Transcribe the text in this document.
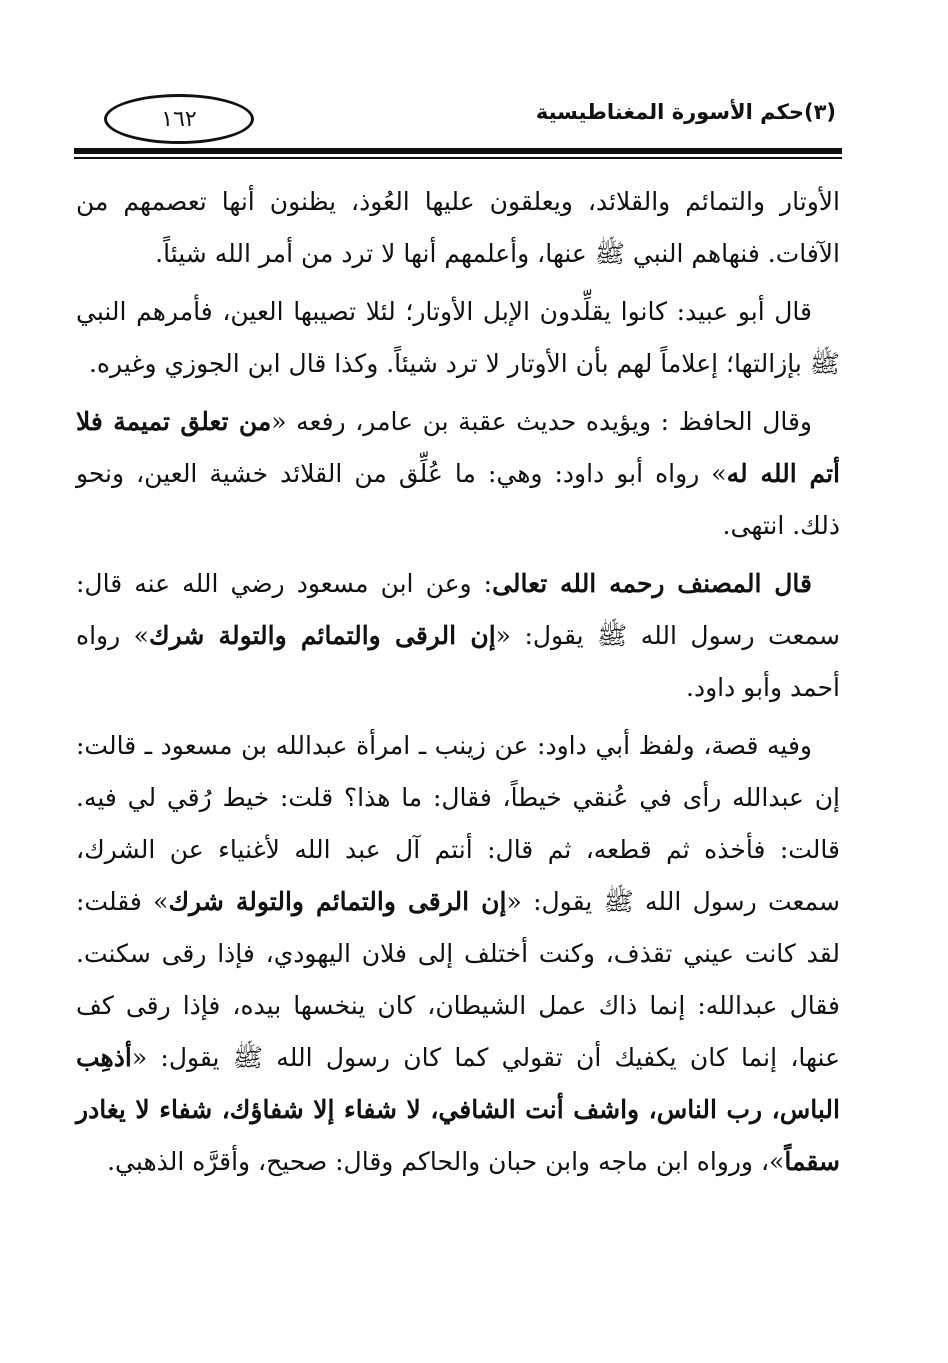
١٦٢	(٣)حكم الأسورة المغناطيسية

الأوتار والتمائم والقلائد، ويعلقون عليها العُوذ، يظنون أنها تعصمهم من الآفات. فنهاهم النبي ﷺ عنها، وأعلمهم أنها لا ترد من أمر الله شيئاً.

قال أبو عبيد: كانوا يقلِّدون الإبل الأوتار؛ لئلا تصيبها العين، فأمرهم النبي ﷺ بإزالتها؛ إعلاماً لهم بأن الأوتار لا ترد شيئاً. وكذا قال ابن الجوزي وغيره.

وقال الحافظ : ويؤيده حديث عقبة بن عامر، رفعه «من تعلق تميمة فلا أتم الله له» رواه أبو داود: وهي: ما عُلِّق من القلائد خشية العين، ونحو ذلك. انتهى.

قال المصنف رحمه الله تعالى: وعن ابن مسعود رضي الله عنه قال: سمعت رسول الله ﷺ يقول: «إن الرقى والتمائم والتولة شرك» رواه أحمد وأبو داود.

وفيه قصة، ولفظ أبي داود: عن زينب ـ امرأة عبدالله بن مسعود ـ قالت: إن عبدالله رأى في عُنقي خيطاً، فقال: ما هذا؟ قلت: خيط رُقي لي فيه. قالت: فأخذه ثم قطعه، ثم قال: أنتم آل عبد الله لأغنياء عن الشرك، سمعت رسول الله ﷺ يقول: «إن الرقى والتمائم والتولة شرك» فقلت: لقد كانت عيني تقذف، وكنت أختلف إلى فلان اليهودي، فإذا رقى سكنت. فقال عبدالله: إنما ذاك عمل الشيطان، كان ينخسها بيده، فإذا رقى كف عنها، إنما كان يكفيك أن تقولي كما كان رسول الله ﷺ يقول: «أذهِب الباس، رب الناس، واشف أنت الشافي، لا شفاء إلا شفاؤك، شفاء لا يغادر سقماً»، ورواه ابن ماجه وابن حبان والحاكم وقال: صحيح، وأقرَّه الذهبي.
